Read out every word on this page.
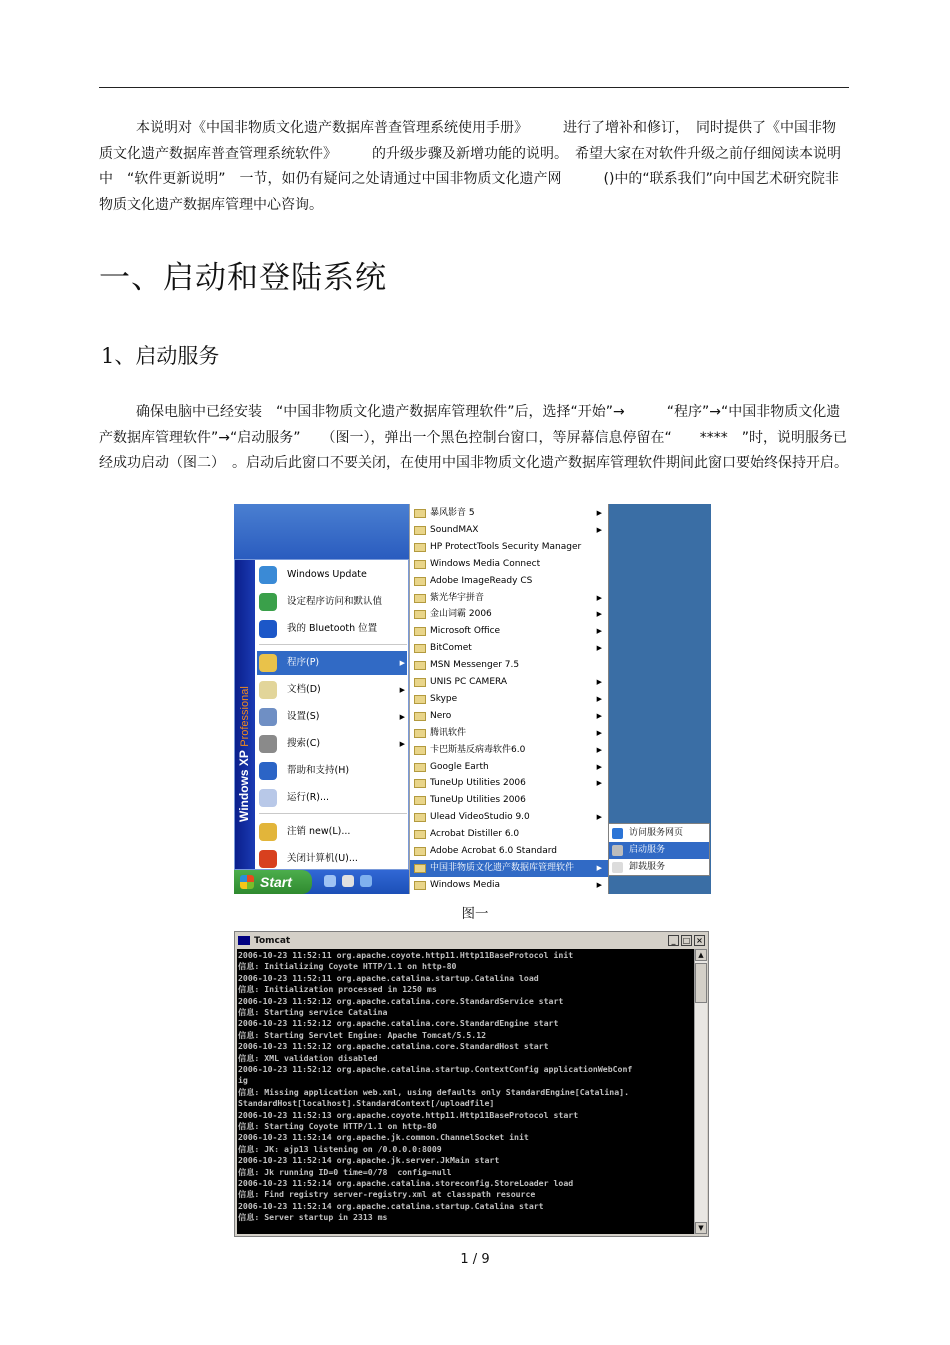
本说明对《中国非物质文化遗产数据库普查管理系统使用手册》　　　进行了增补和修订，　同时提供了《中国非物质文化遗产数据库普查管理系统软件》　　　的升级步骤及新增功能的说明。　希望大家在对软件升级之前仔细阅读本说明中　“软件更新说明”　一节，如仍有疑问之处请通过中国非物质文化遗产网　　　()中的“联系我们”向中国艺术研究院非物质文化遗产数据库管理中心咨询。
一、启动和登陆系统
1、启动服务
确保电脑中已经安装　“中国非物质文化遗产数据库管理软件”后，选择“开始”→　　　“程序”→“中国非物质文化遗产数据库管理软件”→“启动服务”　　（图一），弹出一个黑色控制台窗口，等屏幕信息停留在“　　****　”时，说明服务已经成功启动（图二）　。启动后此窗口不要关闭，在使用中国非物质文化遗产数据库管理软件期间此窗口要始终保持开启。
Windows XP Professional
Windows Update
设定程序访问和默认值
我的 Bluetooth 位置
程序(P)	▶
文档(D)	▶
设置(S)	▶
搜索(C)	▶
帮助和支持(H)
运行(R)...
注销 new(L)...
关闭计算机(U)...
暴风影音 5	▶
SoundMAX	▶
HP ProtectTools Security Manager
Windows Media Connect
Adobe ImageReady CS
紫光华宇拼音	▶
金山词霸 2006	▶
Microsoft Office	▶
BitComet	▶
MSN Messenger 7.5
UNIS PC CAMERA	▶
Skype	▶
Nero	▶
腾讯软件	▶
卡巴斯基反病毒软件6.0	▶
Google Earth	▶
TuneUp Utilities 2006	▶
TuneUp Utilities 2006
Ulead VideoStudio 9.0	▶
Acrobat Distiller 6.0
Adobe Acrobat 6.0 Standard
中国非物质文化遗产数据库管理软件	▶
Windows Media	▶
访问服务网页
启动服务
卸载服务
Start
图一
Tomcat	_ □ ×
2006-10-23 11:52:11 org.apache.coyote.http11.Http11BaseProtocol init
信息: Initializing Coyote HTTP/1.1 on http-80
2006-10-23 11:52:11 org.apache.catalina.startup.Catalina load
信息: Initialization processed in 1250 ms
2006-10-23 11:52:12 org.apache.catalina.core.StandardService start
信息: Starting service Catalina
2006-10-23 11:52:12 org.apache.catalina.core.StandardEngine start
信息: Starting Servlet Engine: Apache Tomcat/5.5.12
2006-10-23 11:52:12 org.apache.catalina.core.StandardHost start
信息: XML validation disabled
2006-10-23 11:52:12 org.apache.catalina.startup.ContextConfig applicationWebConf
ig
信息: Missing application web.xml, using defaults only StandardEngine[Catalina].
StandardHost[localhost].StandardContext[/uploadfile]
2006-10-23 11:52:13 org.apache.coyote.http11.Http11BaseProtocol start
信息: Starting Coyote HTTP/1.1 on http-80
2006-10-23 11:52:14 org.apache.jk.common.ChannelSocket init
信息: JK: ajp13 listening on /0.0.0.0:8009
2006-10-23 11:52:14 org.apache.jk.server.JkMain start
信息: Jk running ID=0 time=0/78  config=null
2006-10-23 11:52:14 org.apache.catalina.storeconfig.StoreLoader load
信息: Find registry server-registry.xml at classpath resource
2006-10-23 11:52:14 org.apache.catalina.startup.Catalina start
信息: Server startup in 2313 ms
▲
▼
1 / 9
